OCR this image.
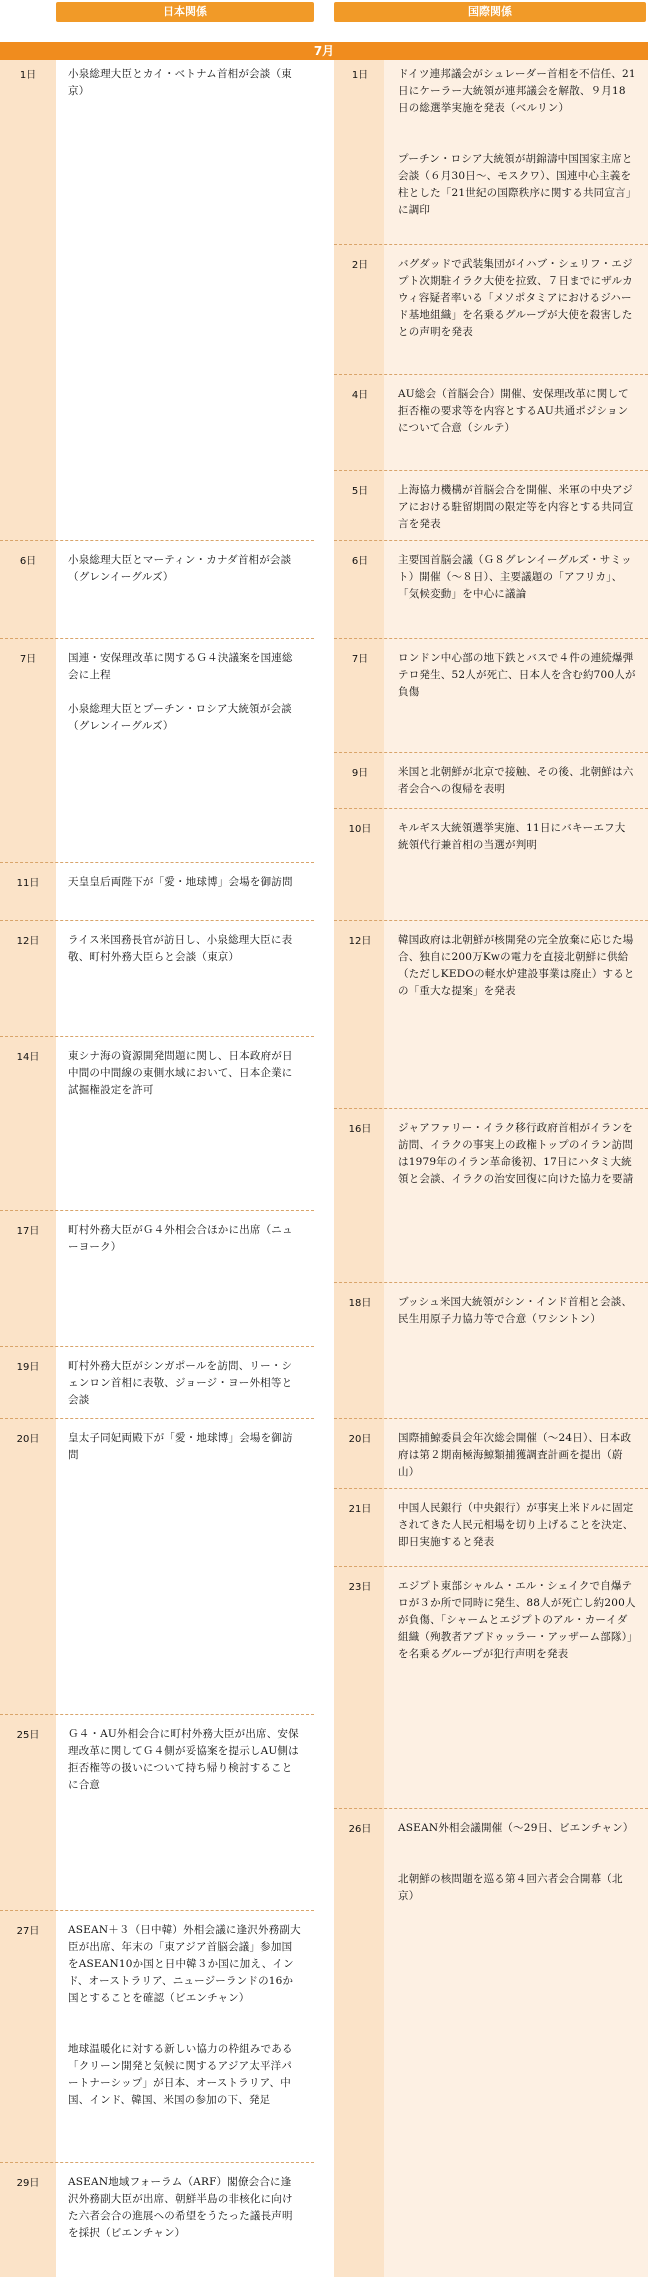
日本関係	国際関係
7月
1日	小泉総理大臣とカイ・ベトナム首相が会談（東京）
6日	小泉総理大臣とマーティン・カナダ首相が会談（グレンイーグルズ）
7日	国連・安保理改革に関するＧ４決議案を国連総会に上程
小泉総理大臣とプーチン・ロシア大統領が会談（グレンイーグルズ）
11日	天皇皇后両陛下が「愛・地球博」会場を御訪問
12日	ライス米国務長官が訪日し、小泉総理大臣に表敬、町村外務大臣らと会談（東京）
14日	東シナ海の資源開発問題に関し、日本政府が日中間の中間線の東側水域において、日本企業に試掘権設定を許可
17日	町村外務大臣がＧ４外相会合ほかに出席（ニューヨーク）
19日	町村外務大臣がシンガポールを訪問、リー・シェンロン首相に表敬、ジョージ・ヨー外相等と会談
20日	皇太子同妃両殿下が「愛・地球博」会場を御訪問
25日	Ｇ４・AU外相会合に町村外務大臣が出席、安保理改革に関してＧ４側が妥協案を提示しAU側は拒否権等の扱いについて持ち帰り検討することに合意
27日	ASEAN＋３（日中韓）外相会議に逢沢外務副大臣が出席、年末の「東アジア首脳会議」参加国をASEAN10か国と日中韓３か国に加え、インド、オーストラリア、ニュージーランドの16か国とすることを確認（ビエンチャン）
地球温暖化に対する新しい協力の枠組みである「クリーン開発と気候に関するアジア太平洋パートナーシップ」が日本、オーストラリア、中国、インド、韓国、米国の参加の下、発足
29日	ASEAN地域フォーラム（ARF）閣僚会合に逢沢外務副大臣が出席、朝鮮半島の非核化に向けた六者会合の進展への希望をうたった議長声明を採択（ビエンチャン）
1日	ドイツ連邦議会がシュレーダー首相を不信任、21日にケーラー大統領が連邦議会を解散、９月18日の総選挙実施を発表（ベルリン）
プーチン・ロシア大統領が胡錦濤中国国家主席と会談（６月30日～、モスクワ）、国連中心主義を柱とした「21世紀の国際秩序に関する共同宣言」に調印
2日	バグダッドで武装集団がイハブ・シェリフ・エジプト次期駐イラク大使を拉致、７日までにザルカウィ容疑者率いる「メソポタミアにおけるジハード基地組織」を名乗るグループが大使を殺害したとの声明を発表
4日	AU総会（首脳会合）開催、安保理改革に関して拒否権の要求等を内容とするAU共通ポジションについて合意（シルテ）
5日	上海協力機構が首脳会合を開催、米軍の中央アジアにおける駐留期間の限定等を内容とする共同宣言を発表
6日	主要国首脳会議（Ｇ８グレンイーグルズ・サミット）開催（～８日）、主要議題の「アフリカ」、「気候変動」を中心に議論
7日	ロンドン中心部の地下鉄とバスで４件の連続爆弾テロ発生、52人が死亡、日本人を含む約700人が負傷
9日	米国と北朝鮮が北京で接触、その後、北朝鮮は六者会合への復帰を表明
10日	キルギス大統領選挙実施、11日にバキーエフ大統領代行兼首相の当選が判明
12日	韓国政府は北朝鮮が核開発の完全放棄に応じた場合、独自に200万Kwの電力を直接北朝鮮に供給（ただしKEDOの軽水炉建設事業は廃止）するとの「重大な提案」を発表
16日	ジャアファリー・イラク移行政府首相がイランを訪問、イラクの事実上の政権トップのイラン訪問は1979年のイラン革命後初、17日にハタミ大統領と会談、イラクの治安回復に向けた協力を要請
18日	ブッシュ米国大統領がシン・インド首相と会談、民生用原子力協力等で合意（ワシントン）
20日	国際捕鯨委員会年次総会開催（～24日）、日本政府は第２期南極海鯨類捕獲調査計画を提出（蔚山）
21日	中国人民銀行（中央銀行）が事実上米ドルに固定されてきた人民元相場を切り上げることを決定、即日実施すると発表
23日	エジプト東部シャルム・エル・シェイクで自爆テロが３か所で同時に発生、88人が死亡し約200人が負傷、「シャームとエジプトのアル・カーイダ組織（殉教者アブドゥッラー・アッザーム部隊）」を名乗るグループが犯行声明を発表
26日	ASEAN外相会議開催（～29日、ビエンチャン）
北朝鮮の核問題を巡る第４回六者会合開幕（北京）
